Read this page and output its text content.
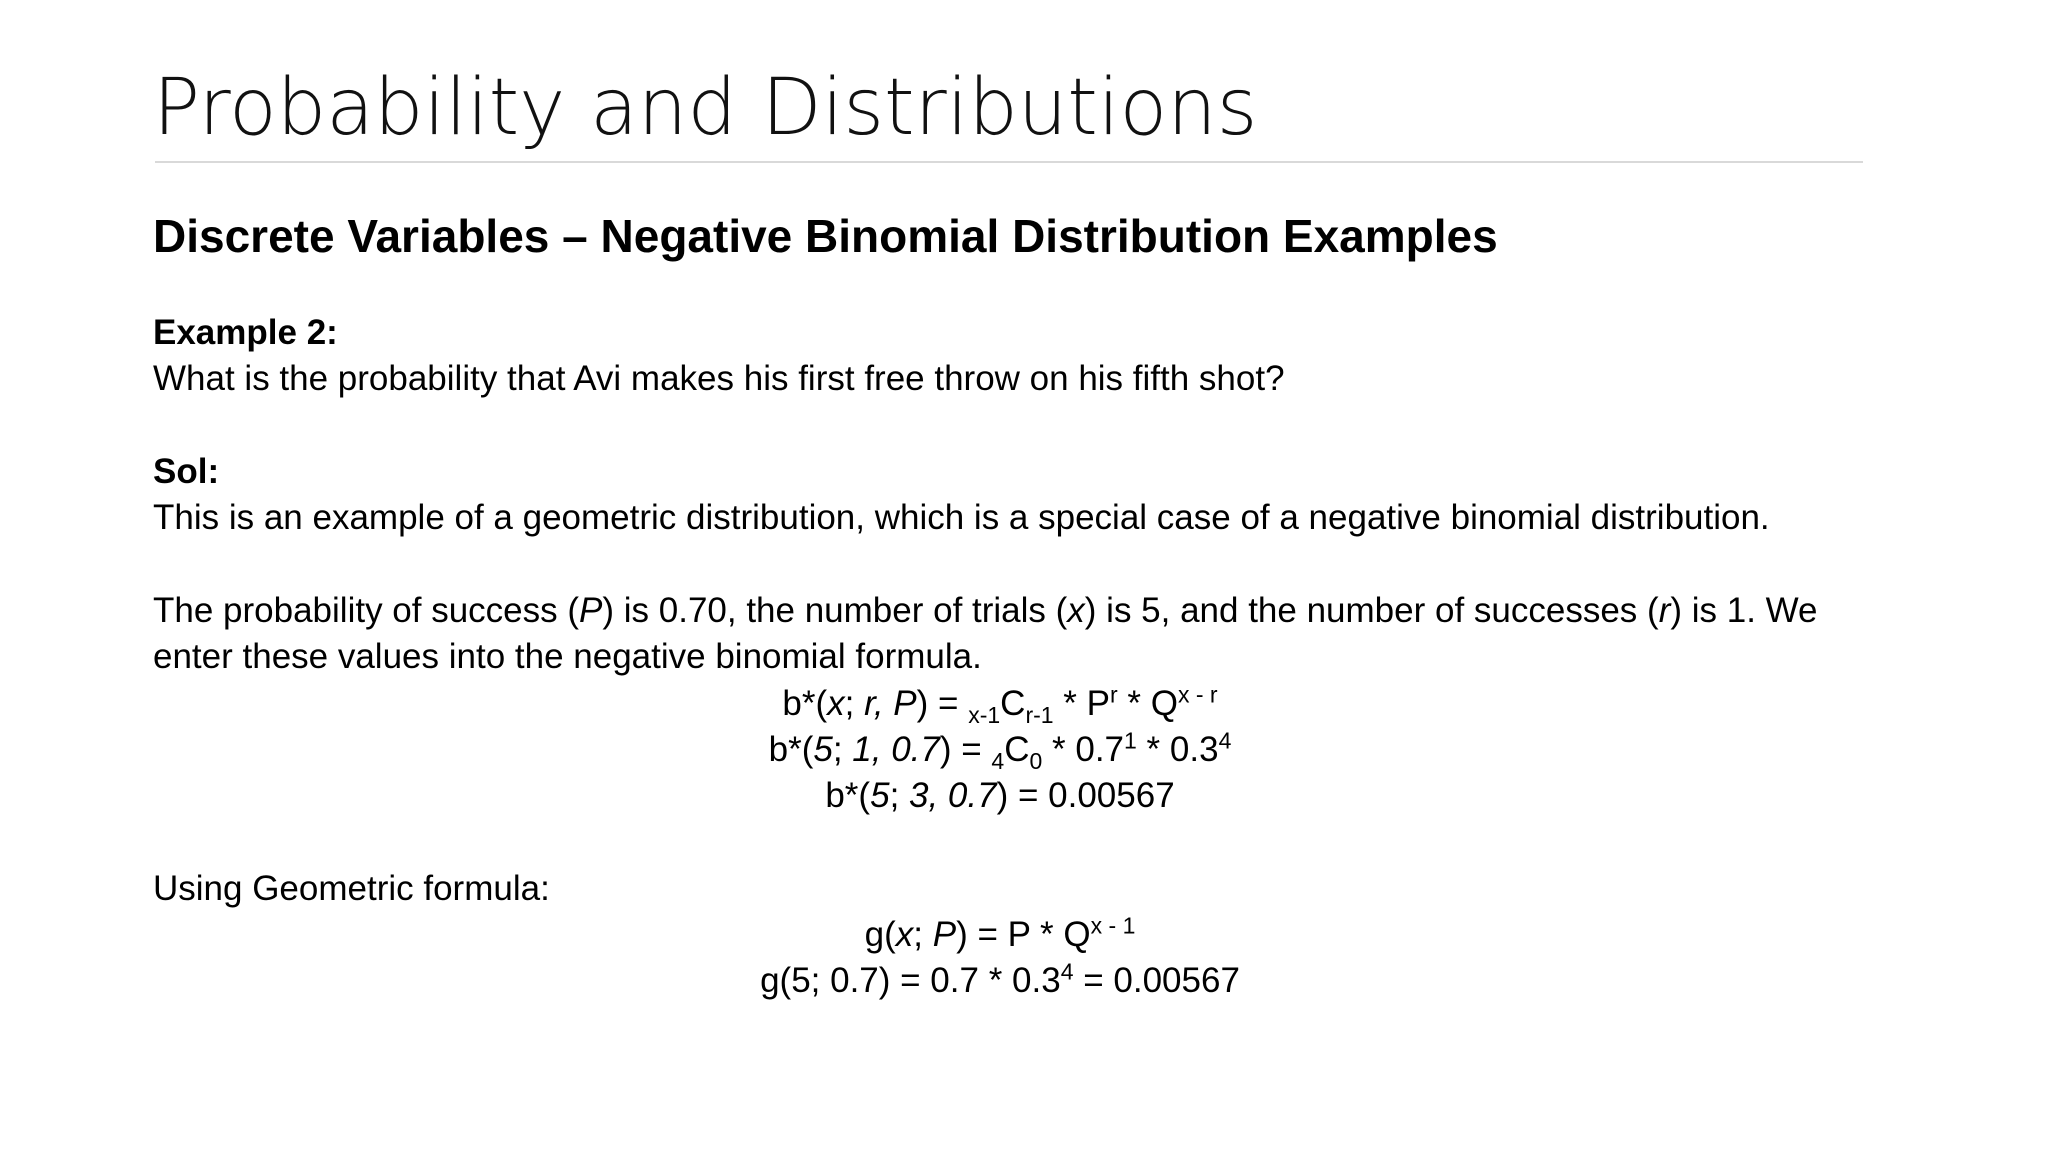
Probability and Distributions
Discrete Variables – Negative Binomial Distribution Examples
Example 2:
What is the probability that Avi makes his first free throw on his fifth shot?
Sol:
This is an example of a geometric distribution, which is a special case of a negative binomial distribution.
The probability of success (P) is 0.70, the number of trials (x) is 5, and the number of successes (r) is 1. We
enter these values into the negative binomial formula.
b*(x; r, $P) = _{x-1}C_{r-1} * P^r * Q^{x - r}$
b*(5; 1, $0.7) = _4C_0 * 0.7^1 * 0.3^4$
b*(5; 3, 0.7) = 0.00567
Using Geometric formula:
g(x; $P) = P * Q^{x - 1}$
g(5; $0.7) = 0.7 * 0.3^4 = 0.00567$
